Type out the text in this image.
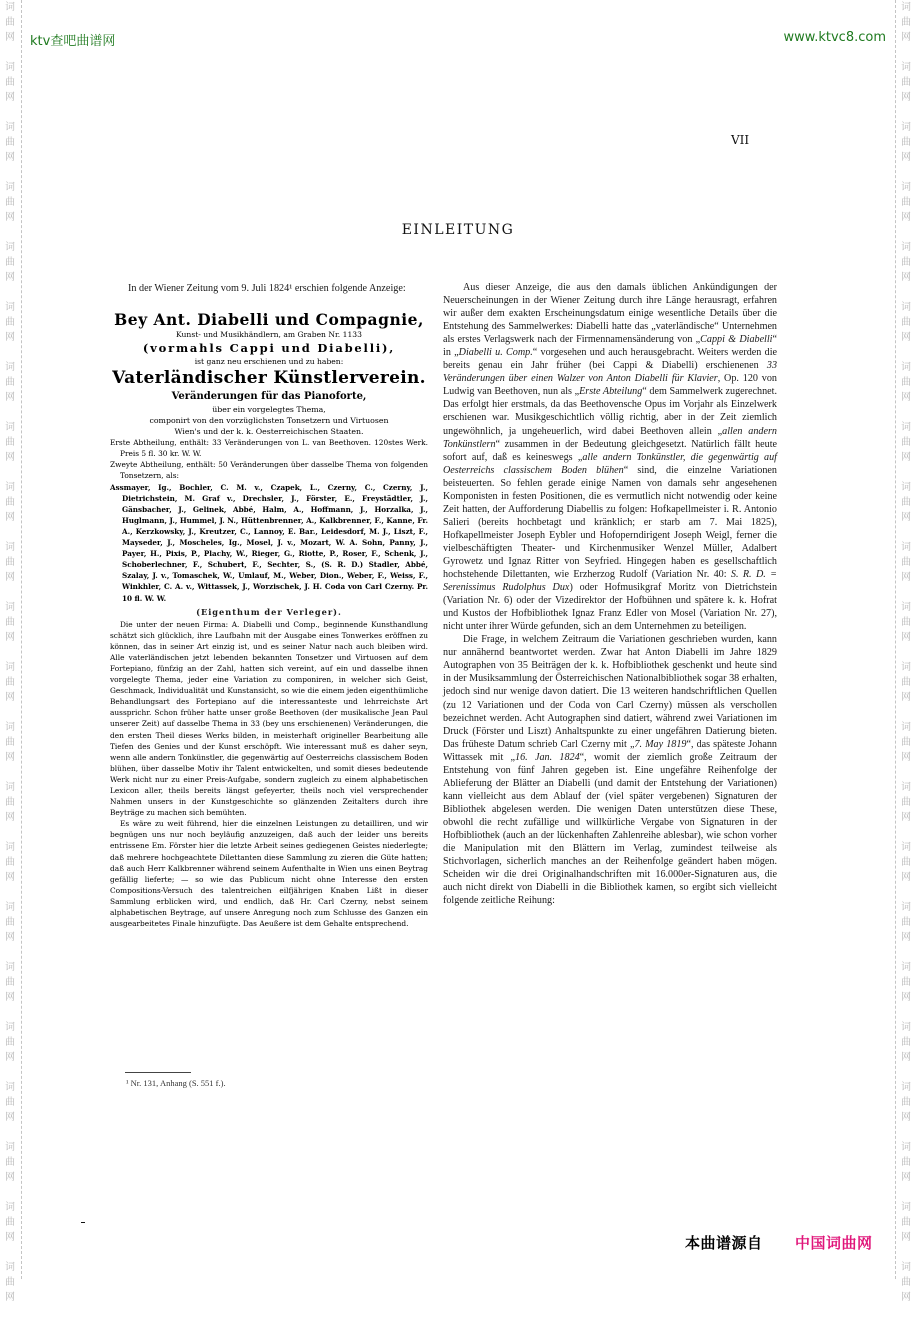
词
曲
网
词
曲
网
词
曲
网
词
曲
网
词
曲
网
词
曲
网
词
曲
网
词
曲
网
词
曲
网
词
曲
网
词
曲
网
词
曲
网
词
曲
网
词
曲
网
词
曲
网
词
曲
网
词
曲
网
词
曲
网
词
曲
网
词
曲
网
词
曲
网
词
曲
网
词
曲
网
词
曲
网
词
曲
网
词
曲
网
词
曲
网
词
曲
网
词
曲
网
词
曲
网
词
曲
网
词
曲
网
词
曲
网
词
曲
网
词
曲
网
词
曲
网
词
曲
网
词
曲
网
词
曲
网
词
曲
网
词
曲
网
词
曲
网
词
曲
网
词
曲
网
ktv查吧曲谱网	www.ktvc8.com
VII
EINLEITUNG

In der Wiener Zeitung vom 9. Juli 1824¹ erschien folgende Anzeige:

Bey Ant. Diabelli und Compagnie,
Kunst- und Musikhändlern, am Graben Nr. 1133
(vormahls Cappi und Diabelli),
ist ganz neu erschienen und zu haben:
Vaterländischer Künstlerverein.
Veränderungen für das Pianoforte,
über ein vorgelegtes Thema,
componirt von den vorzüglichsten Tonsetzern und Virtuosen
Wien's und der k. k. Oesterreichischen Staaten.

Erste Abtheilung, enthält: 33 Veränderungen von L. van Beethoven. 120stes Werk. Preis 5 fl. 30 kr. W. W.

Zweyte Abtheilung, enthält: 50 Veränderungen über dasselbe Thema von folgenden Tonsetzern, als:

Assmayer, Ig., Bochler, C. M. v., Czapek, L., Czerny, C., Czerny, J., Dietrichstein, M. Graf v., Drechsler, J., Förster, E., Freystädtler, J., Gänsbacher, J., Gelinek, Abbé, Halm, A., Hoffmann, J., Horzalka, J., Huglmann, J., Hummel, J. N., Hüttenbrenner, A., Kalkbrenner, F., Kanne, Fr. A., Kerzkowsky, J., Kreutzer, C., Lannoy, E. Bar., Leidesdorf, M. J., Liszt, F., Mayseder, J., Moscheles, Ig., Mosel, J. v., Mozart, W. A. Sohn, Panny, J., Payer, H., Pixis, P., Plachy, W., Rieger, G., Riotte, P., Roser, F., Schenk, J., Schoberlechner, F., Schubert, F., Sechter, S., (S. R. D.) Stadler, Abbé, Szalay, J. v., Tomaschek, W., Umlauf, M., Weber, Dion., Weber, F., Weiss, F., Winkhler, C. A. v., Wittassek, J., Worzischek, J. H. Coda von Carl Czerny. Pr. 10 fl. W. W.

(Eigenthum der Verleger).

Die unter der neuen Firma: A. Diabelli und Comp., beginnende Kunsthandlung schätzt sich glücklich, ihre Laufbahn mit der Ausgabe eines Tonwerkes eröffnen zu können, das in seiner Art einzig ist, und es seiner Natur nach auch bleiben wird. Alle vaterländischen jetzt lebenden bekannten Tonsetzer und Virtuosen auf dem Fortepiano, fünfzig an der Zahl, hatten sich vereint, auf ein und dasselbe ihnen vorgelegte Thema, jeder eine Variation zu componiren, in welcher sich Geist, Geschmack, Individualität und Kunstansicht, so wie die einem jeden eigenthümliche Behandlungsart des Fortepiano auf die interessanteste und lehrreichste Art aussprichr. Schon früher hatte unser große Beethoven (der musikalische Jean Paul unserer Zeit) auf dasselbe Thema in 33 (bey uns erschienenen) Veränderungen, die den ersten Theil dieses Werks bilden, in meisterhaft origineller Bearbeitung alle Tiefen des Genies und der Kunst erschöpft. Wie interessant muß es daher seyn, wenn alle andern Tonkünstler, die gegenwärtig auf Oesterreichs classischem Boden blühen, über dasselbe Motiv ihr Talent entwickelten, und somit dieses bedeutende Werk nicht nur zu einer Preis-Aufgabe, sondern zugleich zu einem alphabetischen Lexicon aller, theils bereits längst gefeyerter, theils noch viel versprechender Nahmen unsers in der Kunstgeschichte so glänzenden Zeitalters durch ihre Beyträge zu machen sich bemühten.

Es wäre zu weit führend, hier die einzelnen Leistungen zu detailliren, und wir begnügen uns nur noch beyläufig anzuzeigen, daß auch der leider uns bereits entrissene Em. Förster hier die letzte Arbeit seines gediegenen Geistes niederlegte; daß mehrere hochgeachtete Dilettanten diese Sammlung zu zieren die Güte hatten; daß auch Herr Kalkbrenner während seinem Aufenthalte in Wien uns einen Beytrag gefällig lieferte; — so wie das Publicum nicht ohne Interesse den ersten Compositions-Versuch des talentreichen eilfjährigen Knaben Lißt in dieser Sammlung erblicken wird, und endlich, daß Hr. Carl Czerny, nebst seinem alphabetischen Beytrage, auf unsere Anregung noch zum Schlusse des Ganzen ein ausgearbeitetes Finale hinzufügte. Das Aeußere ist dem Gehalte entsprechend.

¹ Nr. 131, Anhang (S. 551 f.).

Aus dieser Anzeige, die aus den damals üblichen Ankündigungen der Neuerscheinungen in der Wiener Zeitung durch ihre Länge herausragt, erfahren wir außer dem exakten Erscheinungsdatum einige wesentliche Details über die Entstehung des Sammelwerkes: Diabelli hatte das „vaterländische“ Unternehmen als erstes Verlagswerk nach der Firmennamensänderung von „Cappi & Diabelli“ in „Diabelli u. Comp.“ vorgesehen und auch herausgebracht. Weiters werden die bereits genau ein Jahr früher (bei Cappi & Diabelli) erschienenen 33 Veränderungen über einen Walzer von Anton Diabelli für Klavier, Op. 120 von Ludwig van Beethoven, nun als „Erste Abteilung“ dem Sammelwerk zugerechnet. Das erfolgt hier erstmals, da das Beethovensche Opus im Vorjahr als Einzelwerk erschienen war. Musikgeschichtlich völlig richtig, aber in der Zeit ziemlich ungewöhnlich, ja ungeheuerlich, wird dabei Beethoven allein „allen andern Tonkünstlern“ zusammen in der Bedeutung gleichgesetzt. Natürlich fällt heute sofort auf, daß es keineswegs „alle andern Tonkünstler, die gegenwärtig auf Oesterreichs classischem Boden blühen“ sind, die einzelne Variationen beisteuerten. So fehlen gerade einige Namen von damals sehr angesehenen Komponisten in festen Positionen, die es vermutlich nicht notwendig oder keine Zeit hatten, der Aufforderung Diabellis zu folgen: Hofkapellmeister i. R. Antonio Salieri (bereits hochbetagt und kränklich; er starb am 7. Mai 1825), Hofkapellmeister Joseph Eybler und Hofoperndirigent Joseph Weigl, ferner die vielbeschäftigten Theater- und Kirchenmusiker Wenzel Müller, Adalbert Gyrowetz und Ignaz Ritter von Seyfried. Hingegen haben es gesellschaftlich hochstehende Dilettanten, wie Erzherzog Rudolf (Variation Nr. 40: S. R. D. = Serenissimus Rudolphus Dux) oder Hofmusikgraf Moritz von Dietrichstein (Variation Nr. 6) oder der Vizedirektor der Hofbühnen und spätere k. k. Hofrat und Kustos der Hofbibliothek Ignaz Franz Edler von Mosel (Variation Nr. 27), nicht unter ihrer Würde gefunden, sich an dem Unternehmen zu beteiligen.

Die Frage, in welchem Zeitraum die Variationen geschrieben wurden, kann nur annähernd beantwortet werden. Zwar hat Anton Diabelli im Jahre 1829 Autographen von 35 Beiträgen der k. k. Hofbibliothek geschenkt und heute sind in der Musiksammlung der Österreichischen Nationalbibliothek sogar 38 erhalten, jedoch sind nur wenige davon datiert. Die 13 weiteren handschriftlichen Quellen (zu 12 Variationen und der Coda von Carl Czerny) müssen als verschollen bezeichnet werden. Acht Autographen sind datiert, während zwei Variationen im Druck (Förster und Liszt) Anhaltspunkte zu einer ungefähren Datierung bieten. Das früheste Datum schrieb Carl Czerny mit „7. May 1819“, das späteste Johann Wittassek mit „16. Jan. 1824“, womit der ziemlich große Zeitraum der Entstehung von fünf Jahren gegeben ist. Eine ungefähre Reihenfolge der Ablieferung der Blätter an Diabelli (und damit der Entstehung der Variationen) kann vielleicht aus dem Ablauf der (viel später vergebenen) Signaturen der Bibliothek abgelesen werden. Die wenigen Daten unterstützen diese These, obwohl die recht zufällige und willkürliche Vergabe von Signaturen in der Hofbibliothek (auch an der lückenhaften Zahlenreihe ablesbar), wie schon vorher die Manipulation mit den Blättern im Verlag, zumindest teilweise als Stichvorlagen, sicherlich manches an der Reihenfolge geändert haben mögen. Scheiden wir die drei Originalhandschriften mit 16.000er-Signaturen aus, die auch nicht direkt von Diabelli in die Bibliothek kamen, so ergibt sich vielleicht folgende zeitliche Reihung:

本曲谱源自 中国词曲网
